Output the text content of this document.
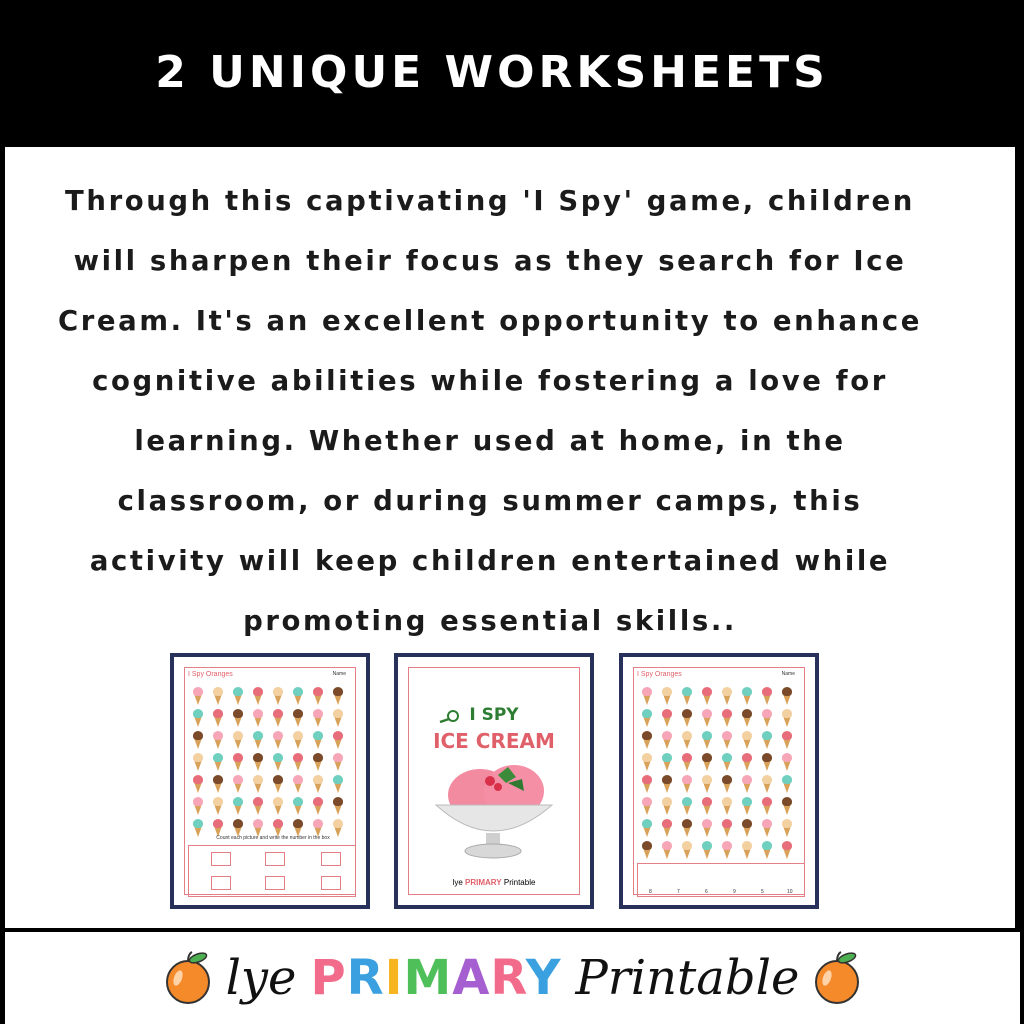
2 UNIQUE WORKSHEETS

Through this captivating 'I Spy' game, children will sharpen their focus as they search for Ice Cream. It's an excellent opportunity to enhance cognitive abilities while fostering a love for learning. Whether used at home, in the classroom, or during summer camps, this activity will keep children entertained while promoting essential skills..

I Spy Oranges	Name
Count each picture and write the number in the box
I SPY
ICE CREAM
lye PRIMARY Printable
I Spy Oranges	Name
8	7	6	9	5	10
lye PRIMARY Printable
